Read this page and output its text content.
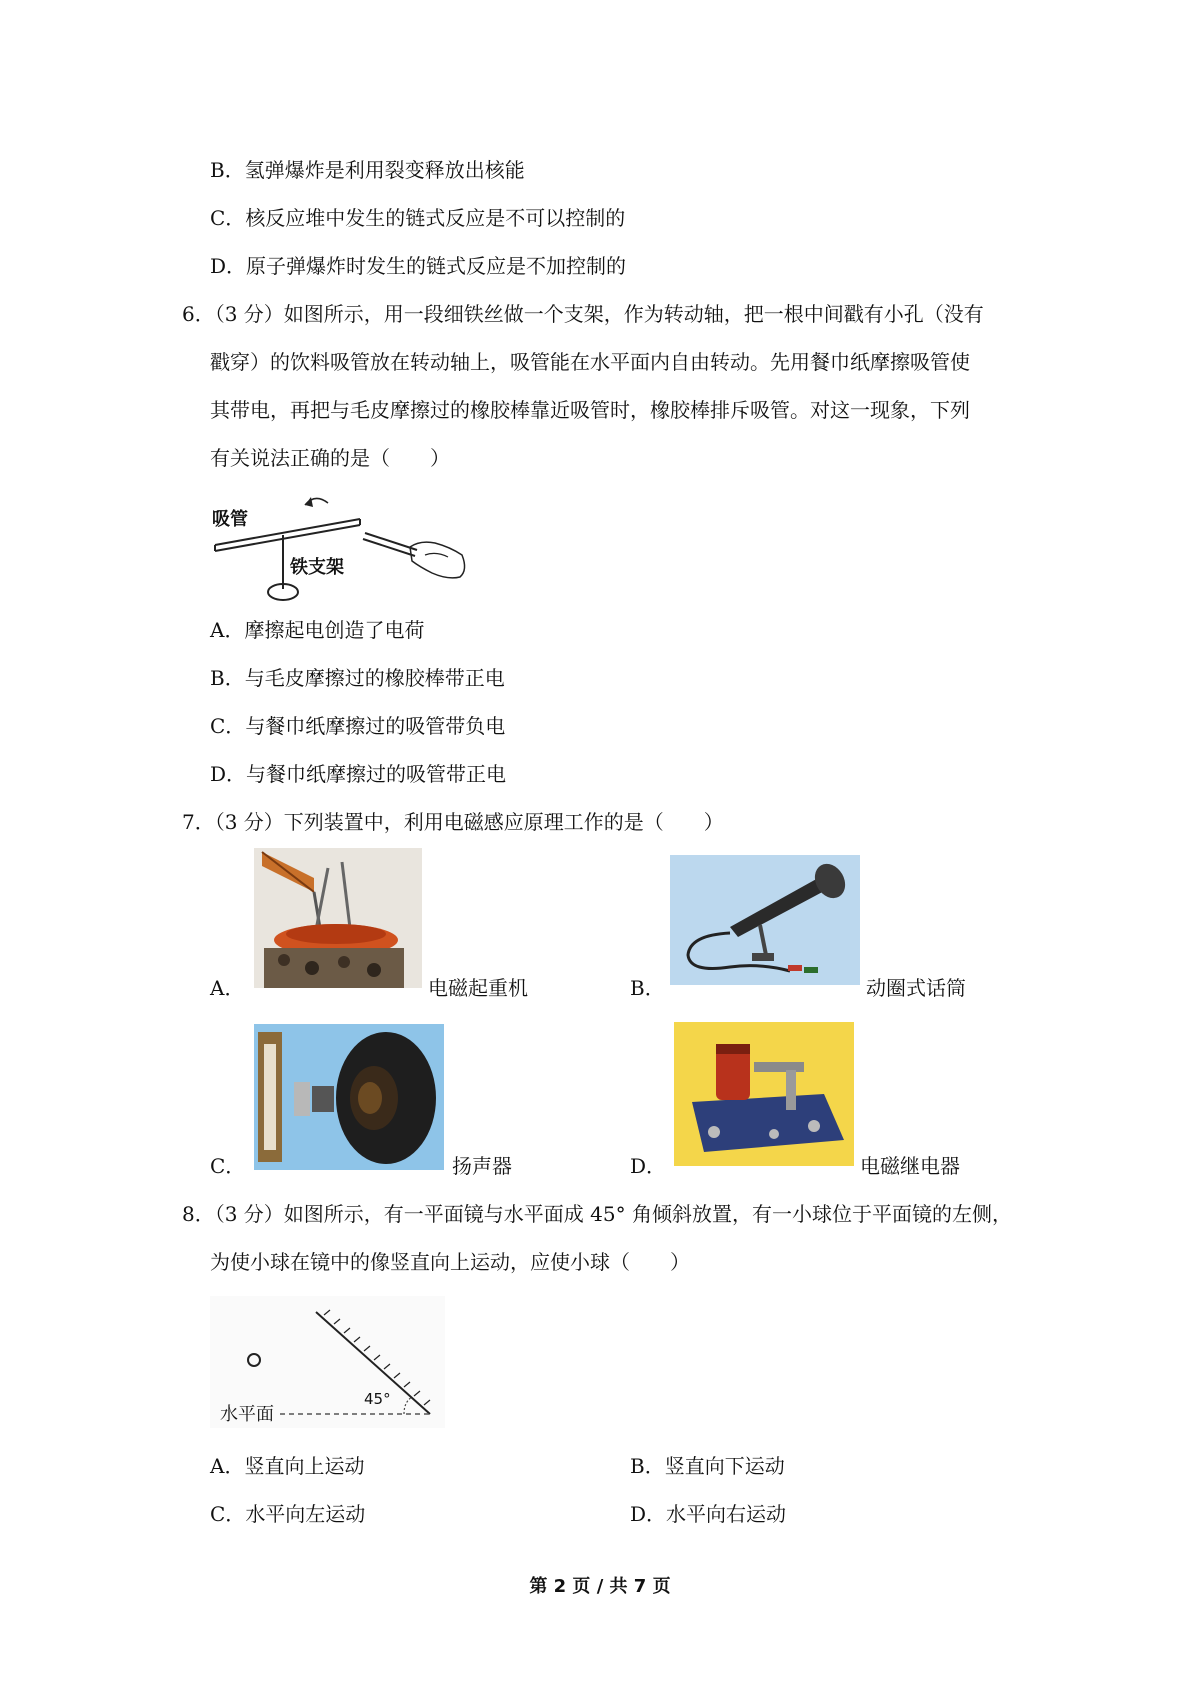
B．氢弹爆炸是利用裂变释放出核能
C．核反应堆中发生的链式反应是不可以控制的
D．原子弹爆炸时发生的链式反应是不加控制的
6．（3 分）如图所示，用一段细铁丝做一个支架，作为转动轴，把一根中间戳有小孔（没有
戳穿）的饮料吸管放在转动轴上，吸管能在水平面内自由转动。先用餐巾纸摩擦吸管使
其带电，再把与毛皮摩擦过的橡胶棒靠近吸管时，橡胶棒排斥吸管。对这一现象，下列
有关说法正确的是（　　）
吸管
铁支架
A．摩擦起电创造了电荷
B．与毛皮摩擦过的橡胶棒带正电
C．与餐巾纸摩擦过的吸管带负电
D．与餐巾纸摩擦过的吸管带正电
7．（3 分）下列装置中，利用电磁感应原理工作的是（　　）
A．	电磁起重机	B．	动圈式话筒
C．	扬声器	D．	电磁继电器
8．（3 分）如图所示，有一平面镜与水平面成 45° 角倾斜放置，有一小球位于平面镜的左侧，
为使小球在镜中的像竖直向上运动，应使小球（　　）
水平面
45°
A．竖直向上运动	B．竖直向下运动
C．水平向左运动	D．水平向右运动
第 2 页 / 共 7 页
